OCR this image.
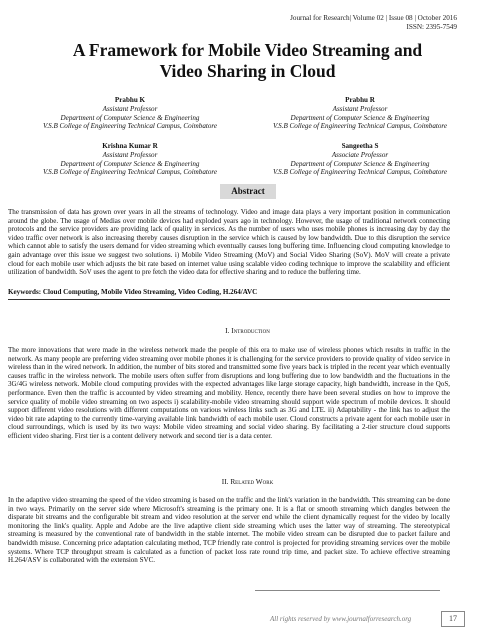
Journal for Research| Volume 02 | Issue 08 | October 2016
ISSN: 2395-7549
A Framework for Mobile Video Streaming and
Video Sharing in Cloud
Prabhu K
Assistant Professor
Department of Computer Science & Engineering
V.S.B College of Engineering Technical Campus, Coimbatore
Prabhu R
Assistant Professor
Department of Computer Science & Engineering
V.S.B College of Engineering Technical Campus, Coimbatore
Krishna Kumar R
Assistant Professor
Department of Computer Science & Engineering
V.S.B College of Engineering Technical Campus, Coimbatore
Sangeetha S
Associate Professor
Department of Computer Science & Engineering
V.S.B College of Engineering Technical Campus, Coimbatore
Abstract

The transmission of data has grown over years in all the streams of technology. Video and image data plays a very important position in communication around the globe. The usage of Medias over mobile devices had exploded years ago in technology. However, the usage of traditional network connecting protocols and the service providers are providing lack of quality in services. As the number of users who uses mobile phones is increasing day by day the video traffic over network is also increasing thereby causes disruption in the service which is caused by low bandwidth. Due to this disruption the service which cannot able to satisfy the users demand for video streaming which eventually causes long buffering time. Influencing cloud computing knowledge to gain advantage over this issue we suggest two solutions. i) Mobile Video Streaming (MoV) and Social Video Sharing (SoV). MoV will create a private cloud for each mobile user which adjusts the bit rate based on internet value using scalable video coding technique to improve the scalability and efficient utilization of bandwidth. SoV uses the agent to pre fetch the video data for effective sharing and to reduce the buffering time.

Keywords: Cloud Computing, Mobile Video Streaming, Video Coding, H.264/AVC
I. Introduction

The more innovations that were made in the wireless network made the people of this era to make use of wireless phones which results in traffic in the network. As many people are preferring video streaming over mobile phones it is challenging for the service providers to provide quality of video service in wireless than in the wired network. In addition, the number of bits stored and transmitted some five years back is tripled in the recent year which eventually causes traffic in the wireless network. The mobile users often suffer from disruptions and long buffering due to low bandwidth and the fluctuations in the 3G/4G wireless network. Mobile cloud computing provides with the expected advantages like large storage capacity, high bandwidth, increase in the QoS, performance. Even then the traffic is accounted by video streaming and mobility. Hence, recently there have been several studies on how to improve the service quality of mobile video streaming on two aspects i) scalability-mobile video streaming should support wide spectrum of mobile devices. It should support different video resolutions with different computations on various wireless links such as 3G and LTE. ii) Adaptability - the link has to adjust the video bit rate adapting to the currently time-varying available link bandwidth of each mobile user. Cloud constructs a private agent for each mobile user in cloud surroundings, which is used by its two ways: Mobile video streaming and social video sharing. By facilitating a 2-tier structure cloud supports efficient video sharing. First tier is a content delivery network and second tier is a data center.

II. Related Work

In the adaptive video streaming the speed of the video streaming is based on the traffic and the link's variation in the bandwidth. This streaming can be done in two ways. Primarily on the server side where Microsoft's streaming is the primary one. It is a flat or smooth streaming which dangles between the disparate bit streams and the configurable bit stream and video resolution at the server end while the client dynamically request for the video by locally monitoring the link's quality. Apple and Adobe are the live adaptive client side streaming which uses the latter way of streaming. The stereotypical streaming is measured by the conventional rate of bandwidth in the stable internet. The mobile video stream can be disrupted due to packet failure and bandwidth misuse. Concerning price adaptation calculating method, TCP friendly rate control is projected for providing streaming services over the mobile systems. Where TCP throughput stream is calculated as a function of packet loss rate round trip time, and packet size. To achieve effective streaming H.264/ASV is collaborated with the extension SVC.

All rights reserved by www.journalforresearch.org	17
